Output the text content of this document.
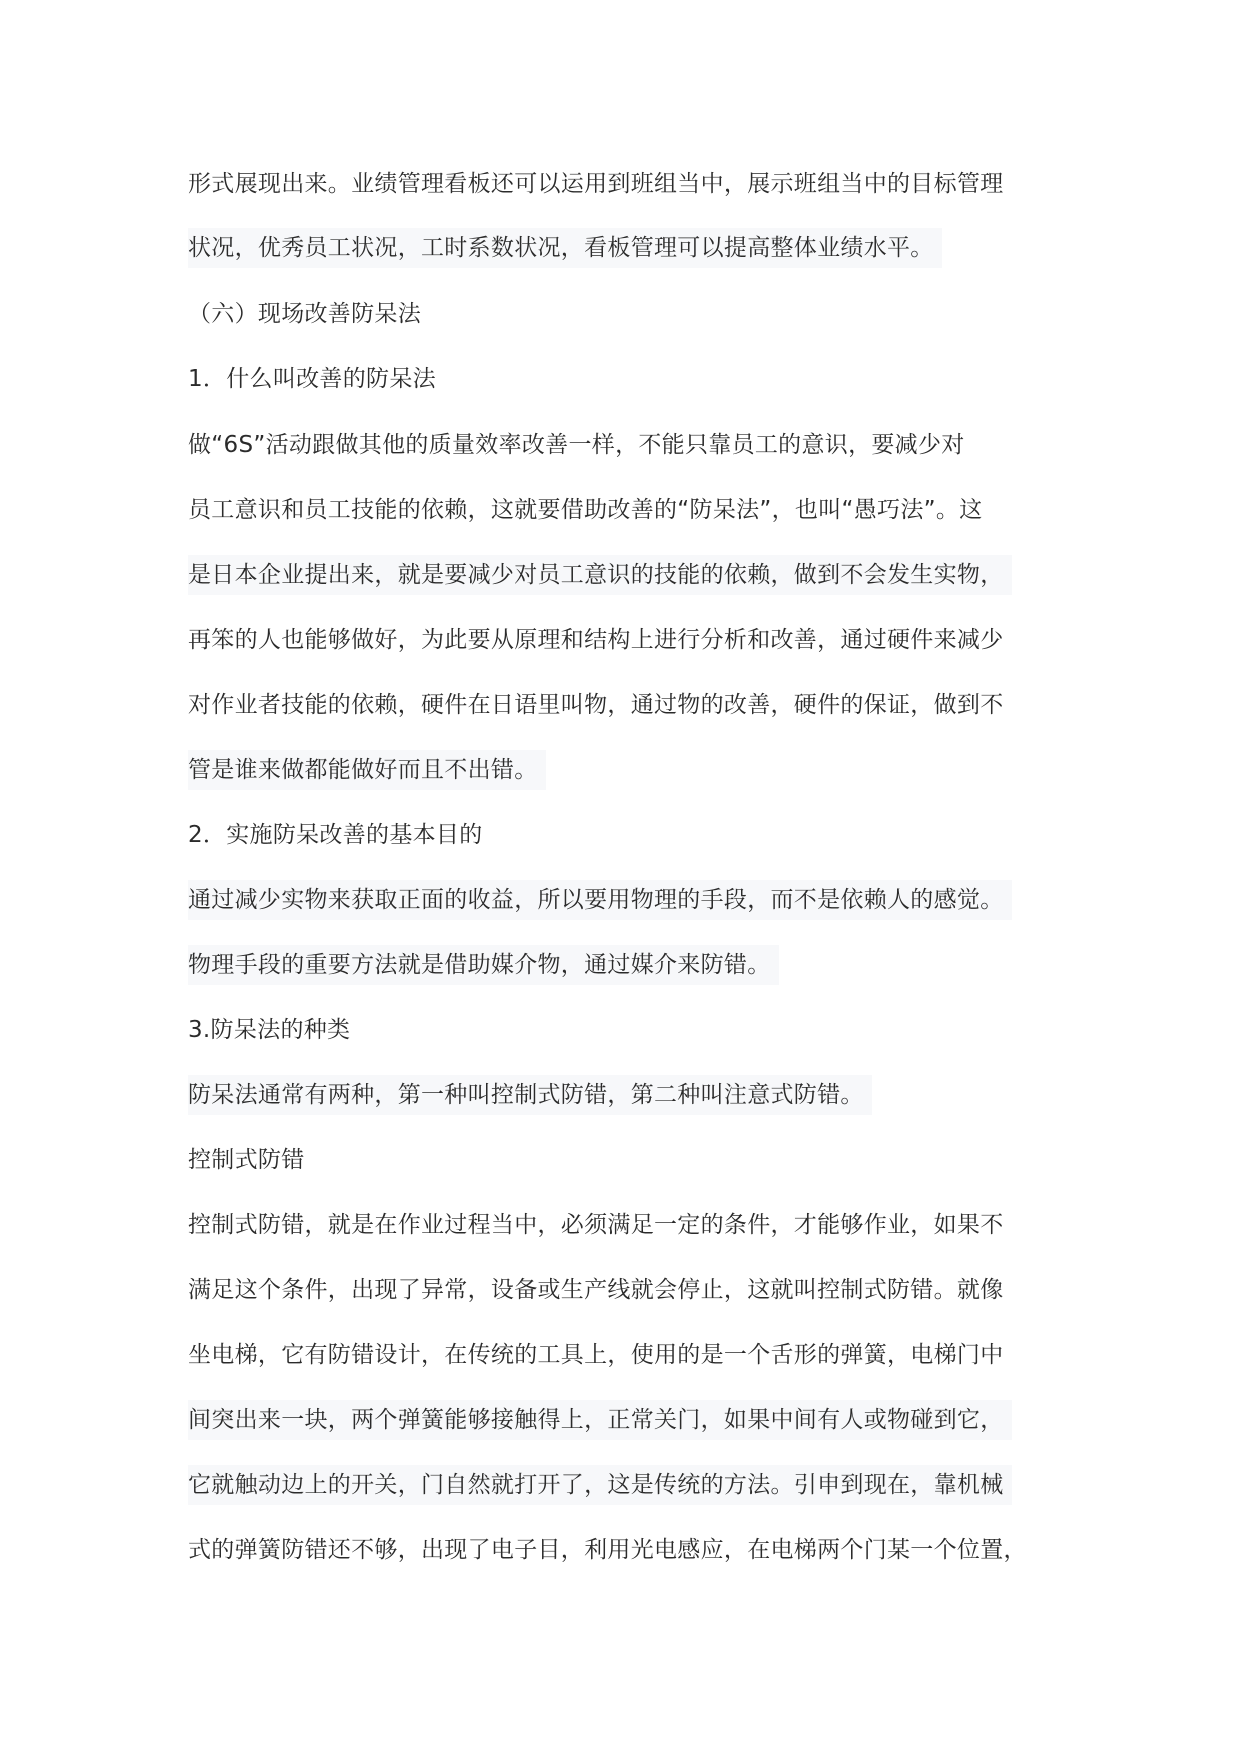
形式展现出来。业绩管理看板还可以运用到班组当中，展示班组当中的目标管理
状况，优秀员工状况，工时系数状况，看板管理可以提高整体业绩水平。
（六）现场改善防呆法
1．什么叫改善的防呆法
做“6S”活动跟做其他的质量效率改善一样，不能只靠员工的意识，要减少对
员工意识和员工技能的依赖，这就要借助改善的“防呆法”，也叫“愚巧法”。这
是日本企业提出来，就是要减少对员工意识的技能的依赖，做到不会发生实物，
再笨的人也能够做好，为此要从原理和结构上进行分析和改善，通过硬件来减少
对作业者技能的依赖，硬件在日语里叫物，通过物的改善，硬件的保证，做到不
管是谁来做都能做好而且不出错。
2．实施防呆改善的基本目的
通过减少实物来获取正面的收益，所以要用物理的手段，而不是依赖人的感觉。
物理手段的重要方法就是借助媒介物，通过媒介来防错。
3.防呆法的种类
防呆法通常有两种，第一种叫控制式防错，第二种叫注意式防错。
控制式防错
控制式防错，就是在作业过程当中，必须满足一定的条件，才能够作业，如果不
满足这个条件，出现了异常，设备或生产线就会停止，这就叫控制式防错。就像
坐电梯，它有防错设计，在传统的工具上，使用的是一个舌形的弹簧，电梯门中
间突出来一块，两个弹簧能够接触得上，正常关门，如果中间有人或物碰到它，
它就触动边上的开关，门自然就打开了，这是传统的方法。引申到现在，靠机械
式的弹簧防错还不够，出现了电子目，利用光电感应，在电梯两个门某一个位置，
